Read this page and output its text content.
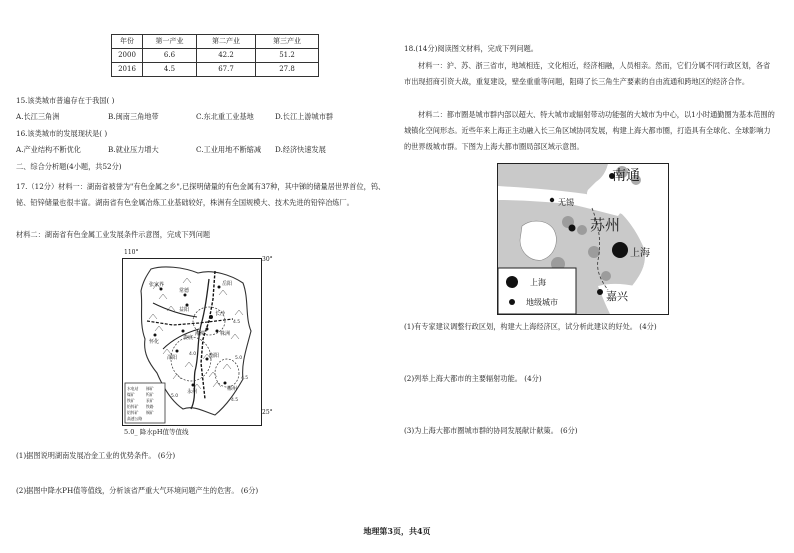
年份	第一产业	第二产业	第三产业
2000	6.6	42.2	51.2
2016	4.5	67.7	27.8
15.该类城市普遍存在于我国( )
A.长江三角洲	B.闽南三角地带	C.东北重工业基地	D.长江上游城市群
16.该类城市的发展现状是( )
A.产业结构不断优化	B.就业压力增大	C.工业用地不断缩减 D.经济快速发展
二、综合分析题(4小题，共52分)
17.（12分）材料一：湖南省被誉为"有色金属之乡",已探明储量的有色金属有37种，其中锑的储量居世界首位，钨、铋、铅锌储量也很丰富。湖南省有色金属冶炼工业基础较好，株洲有全国规模大、技术先进的铅锌冶炼厂。
材料二：湖南省有色金属工业发展条件示意图，完成下列问题
张家界
常德
岳阳
益阳
长沙
湘潭	株洲
怀化
娄底
衡阳
邵阳
永州	郴州
4.5
5.0
4.5
4.0
5.0
4.5
水电站 锑矿
煤矿	钨矿
铁矿	汞矿
铅锌矿 铁路
铝锌矿 铜矿
高速公路
110°
30°
25°
5.0_ 降水pH值等值线
(1)据图说明湖南发展冶金工业的优势条件。 (6分)
(2)据图中降水PH值等值线，分析该省严重大气环境问题产生的危害。 (6分)
18.(14分)阅读图文材料，完成下列问题。
材料一：沪、苏、浙三省市，地域相连，文化相近，经济相融，人员相亲。然而，它们分属不同行政区划，各省市出现招商引资大战，重复建设，壁垒重重等问题，阻碍了长三角生产要素的自由流通和跨地区的经济合作。
材料二：都市圈是城市群内部以超大、特大城市或辐射带动功能强的大城市为中心，以1小时通勤圈为基本范围的城镇化空间形态。近些年来上海正主动融入长三角区域协同发展，构建上海大都市圈，打造具有全球化、全球影响力的世界级城市群。下图为上海大都市圈局部区域示意图。
南通
无锡
苏州
上海
嘉兴
上海
地级城市
(1)有专家建议调整行政区划，构建大上海经济区，试分析此建议的好处。 (4分)
(2)列举上海大都市的主要辐射功能。 (4分)
(3)为上海大都市圈城市群的协同发展献计献策。 (6分)
地理第3页，共4页
